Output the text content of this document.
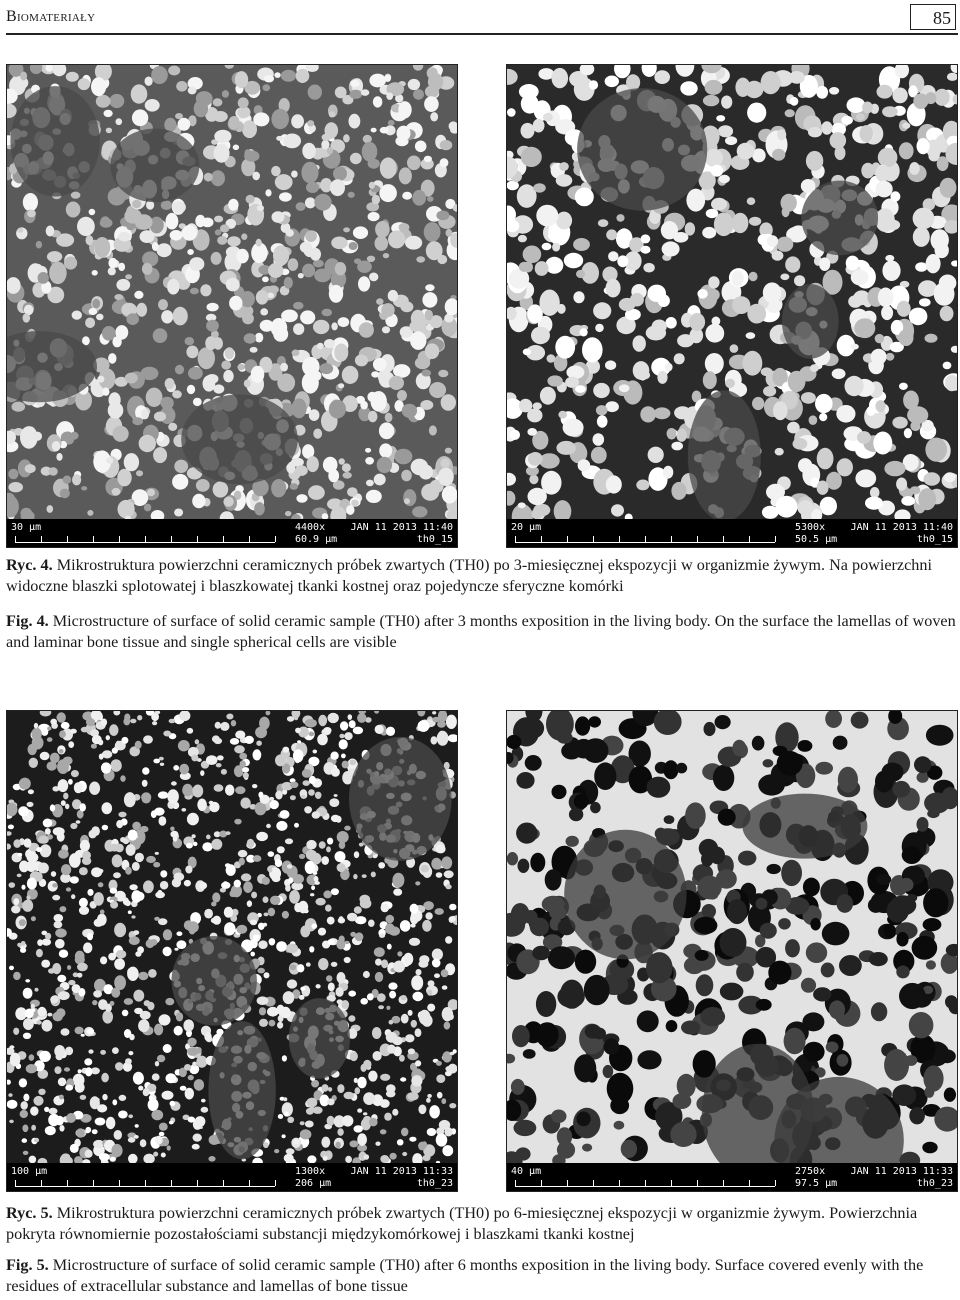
Biomateriały	85
30 µm	4400x
60.9 µm
JAN 11 2013 11:40
th0_15
20 µm	5300x
50.5 µm
JAN 11 2013 11:40
th0_15
Ryc. 4. Mikrostruktura powierzchni ceramicznych próbek zwartych (TH0) po 3-miesięcznej ekspozycji w organizmie żywym. Na powierzchni widoczne blaszki splotowatej i blaszkowatej tkanki kostnej oraz pojedyncze sferyczne komórki
Fig. 4. Microstructure of surface of solid ceramic sample (TH0) after 3 months exposition in the living body. On the surface the lamellas of woven and laminar bone tissue and single spherical cells are visible
100 µm	1300x
206 µm
JAN 11 2013 11:33
th0_23
40 µm	2750x
97.5 µm
JAN 11 2013 11:33
th0_23
Ryc. 5. Mikrostruktura powierzchni ceramicznych próbek zwartych (TH0) po 6-miesięcznej ekspozycji w organizmie żywym. Powierzchnia pokryta równomiernie pozostałościami substancji międzykomórkowej i blaszkami tkanki kostnej
Fig. 5. Microstructure of surface of solid ceramic sample (TH0) after 6 months exposition in the living body. Surface covered evenly with the residues of extracellular substance and lamellas of bone tissue
